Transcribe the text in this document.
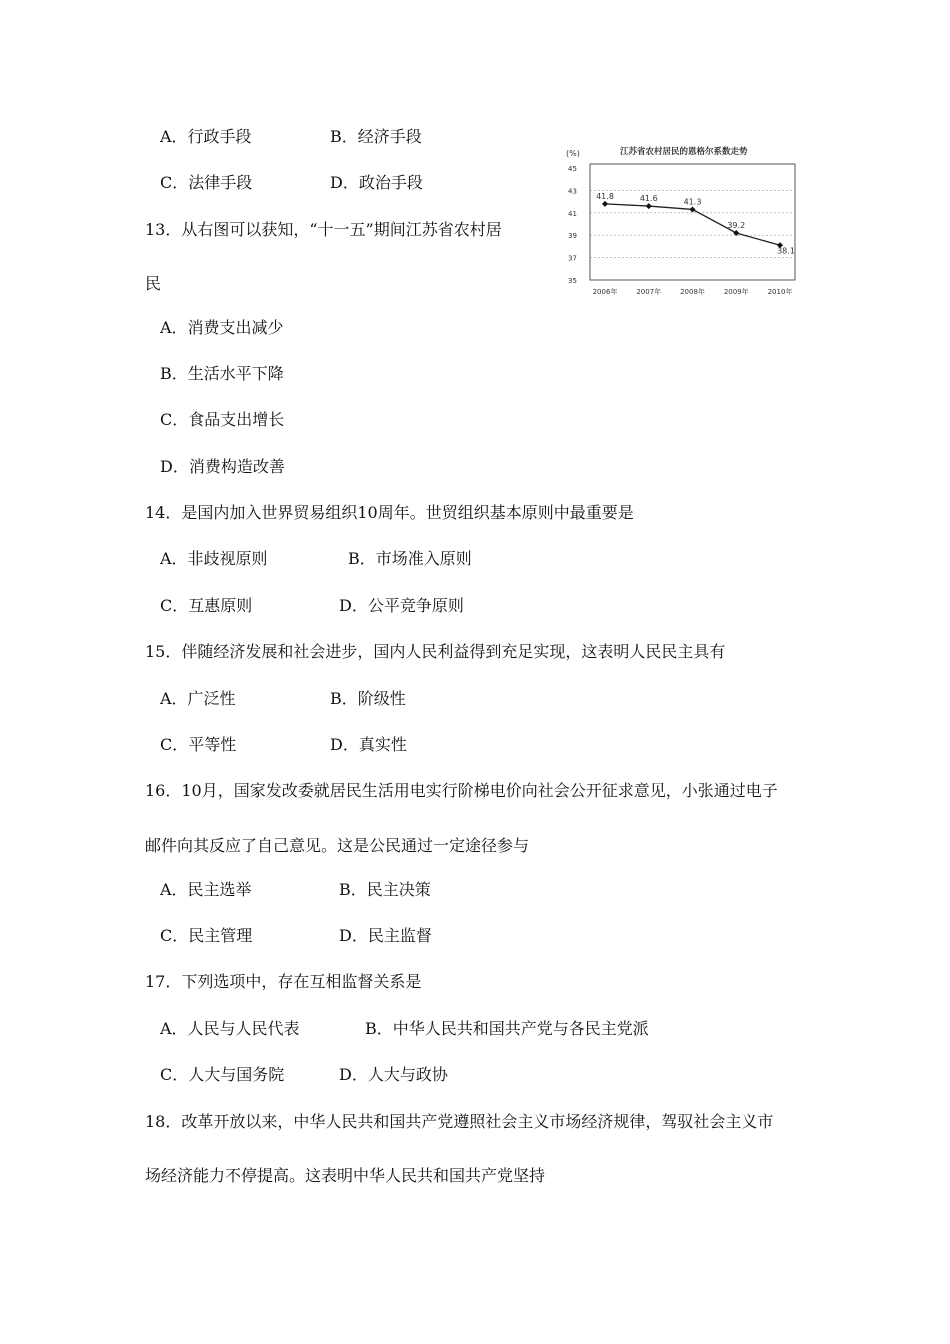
A．行政手段	B．经济手段
C．法律手段	D．政治手段
13．从右图可以获知，“十一五”期间江苏省农村居
民
A．消费支出减少
B．生活水平下降
C．食品支出增长
D．消费构造改善
(%)	江苏省农村居民的恩格尔系数走势
45
43
41
39
37
35
2006年	2007年	2008年	2009年	2010年
41.8	41.6	41.3
39.2
38.1
14．是国内加入世界贸易组织10周年。世贸组织基本原则中最重要是
A．非歧视原则	B．市场准入原则
C．互惠原则	D．公平竞争原则
15．伴随经济发展和社会进步，国内人民利益得到充足实现，这表明人民民主具有
A．广泛性	B．阶级性
C．平等性	D．真实性
16．10月，国家发改委就居民生活用电实行阶梯电价向社会公开征求意见，小张通过电子
邮件向其反应了自己意见。这是公民通过一定途径参与
A．民主选举	B．民主决策
C．民主管理	D．民主监督
17．下列选项中，存在互相监督关系是
A．人民与人民代表	B．中华人民共和国共产党与各民主党派
C．人大与国务院	D．人大与政协
18．改革开放以来，中华人民共和国共产党遵照社会主义市场经济规律，驾驭社会主义市
场经济能力不停提高。这表明中华人民共和国共产党坚持
